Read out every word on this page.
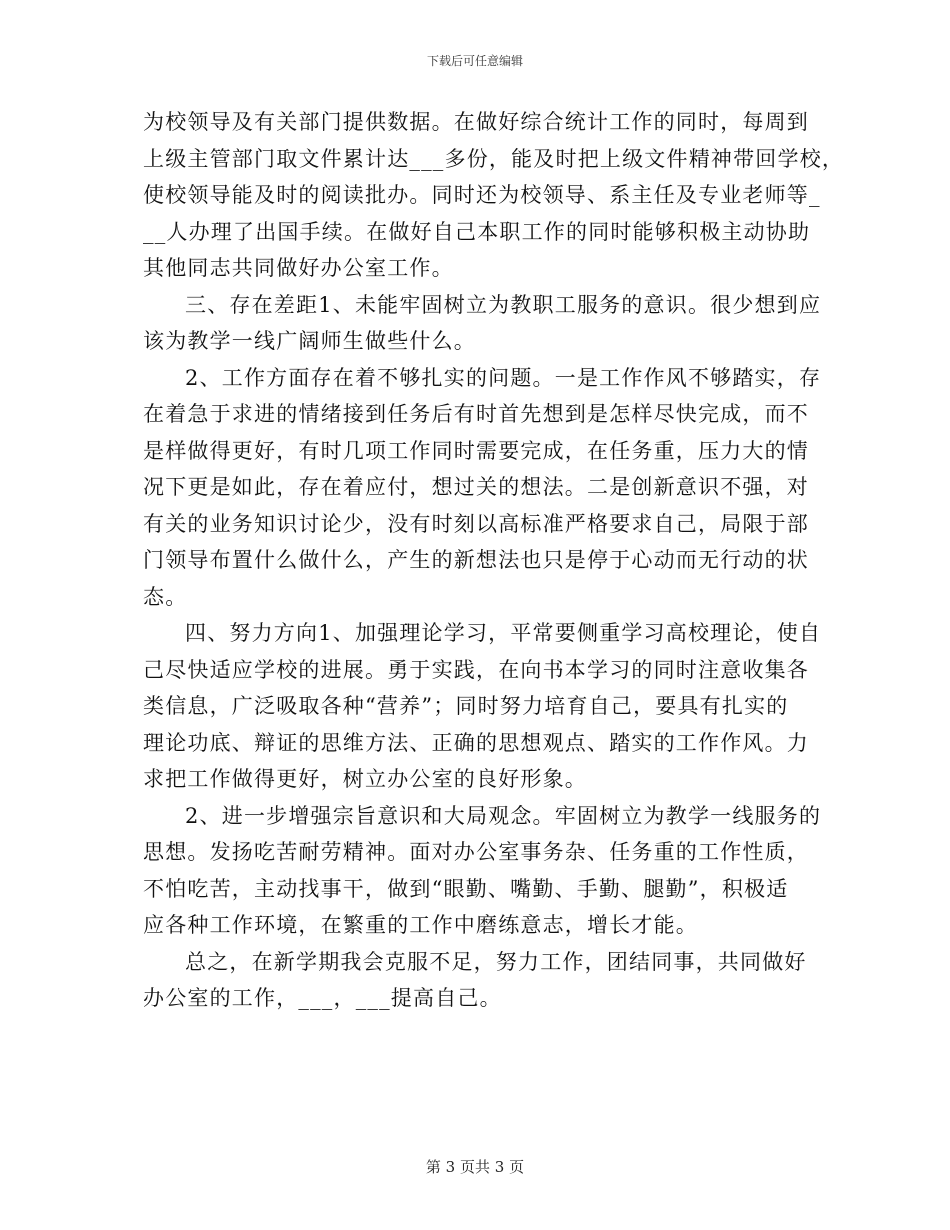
下载后可任意编辑
为校领导及有关部门提供数据。在做好综合统计工作的同时，每周到
上级主管部门取文件累计达___多份，能及时把上级文件精神带回学校，
使校领导能及时的阅读批办。同时还为校领导、系主任及专业老师等_
__人办理了出国手续。在做好自己本职工作的同时能够积极主动协助
其他同志共同做好办公室工作。
三、存在差距1、未能牢固树立为教职工服务的意识。很少想到应
该为教学一线广阔师生做些什么。
2、工作方面存在着不够扎实的问题。一是工作作风不够踏实，存
在着急于求进的情绪接到任务后有时首先想到是怎样尽快完成，而不
是样做得更好，有时几项工作同时需要完成，在任务重，压力大的情
况下更是如此，存在着应付，想过关的想法。二是创新意识不强，对
有关的业务知识讨论少，没有时刻以高标准严格要求自己，局限于部
门领导布置什么做什么，产生的新想法也只是停于心动而无行动的状
态。
四、努力方向1、加强理论学习，平常要侧重学习高校理论，使自
己尽快适应学校的进展。勇于实践，在向书本学习的同时注意收集各
类信息，广泛吸取各种“营养”；同时努力培育自己，要具有扎实的
理论功底、辩证的思维方法、正确的思想观点、踏实的工作作风。力
求把工作做得更好，树立办公室的良好形象。
2、进一步增强宗旨意识和大局观念。牢固树立为教学一线服务的
思想。发扬吃苦耐劳精神。面对办公室事务杂、任务重的工作性质，
不怕吃苦，主动找事干，做到“眼勤、嘴勤、手勤、腿勤”，积极适
应各种工作环境，在繁重的工作中磨练意志，增长才能。
总之，在新学期我会克服不足，努力工作，团结同事，共同做好
办公室的工作，___，___提高自己。
第 3 页共 3 页
